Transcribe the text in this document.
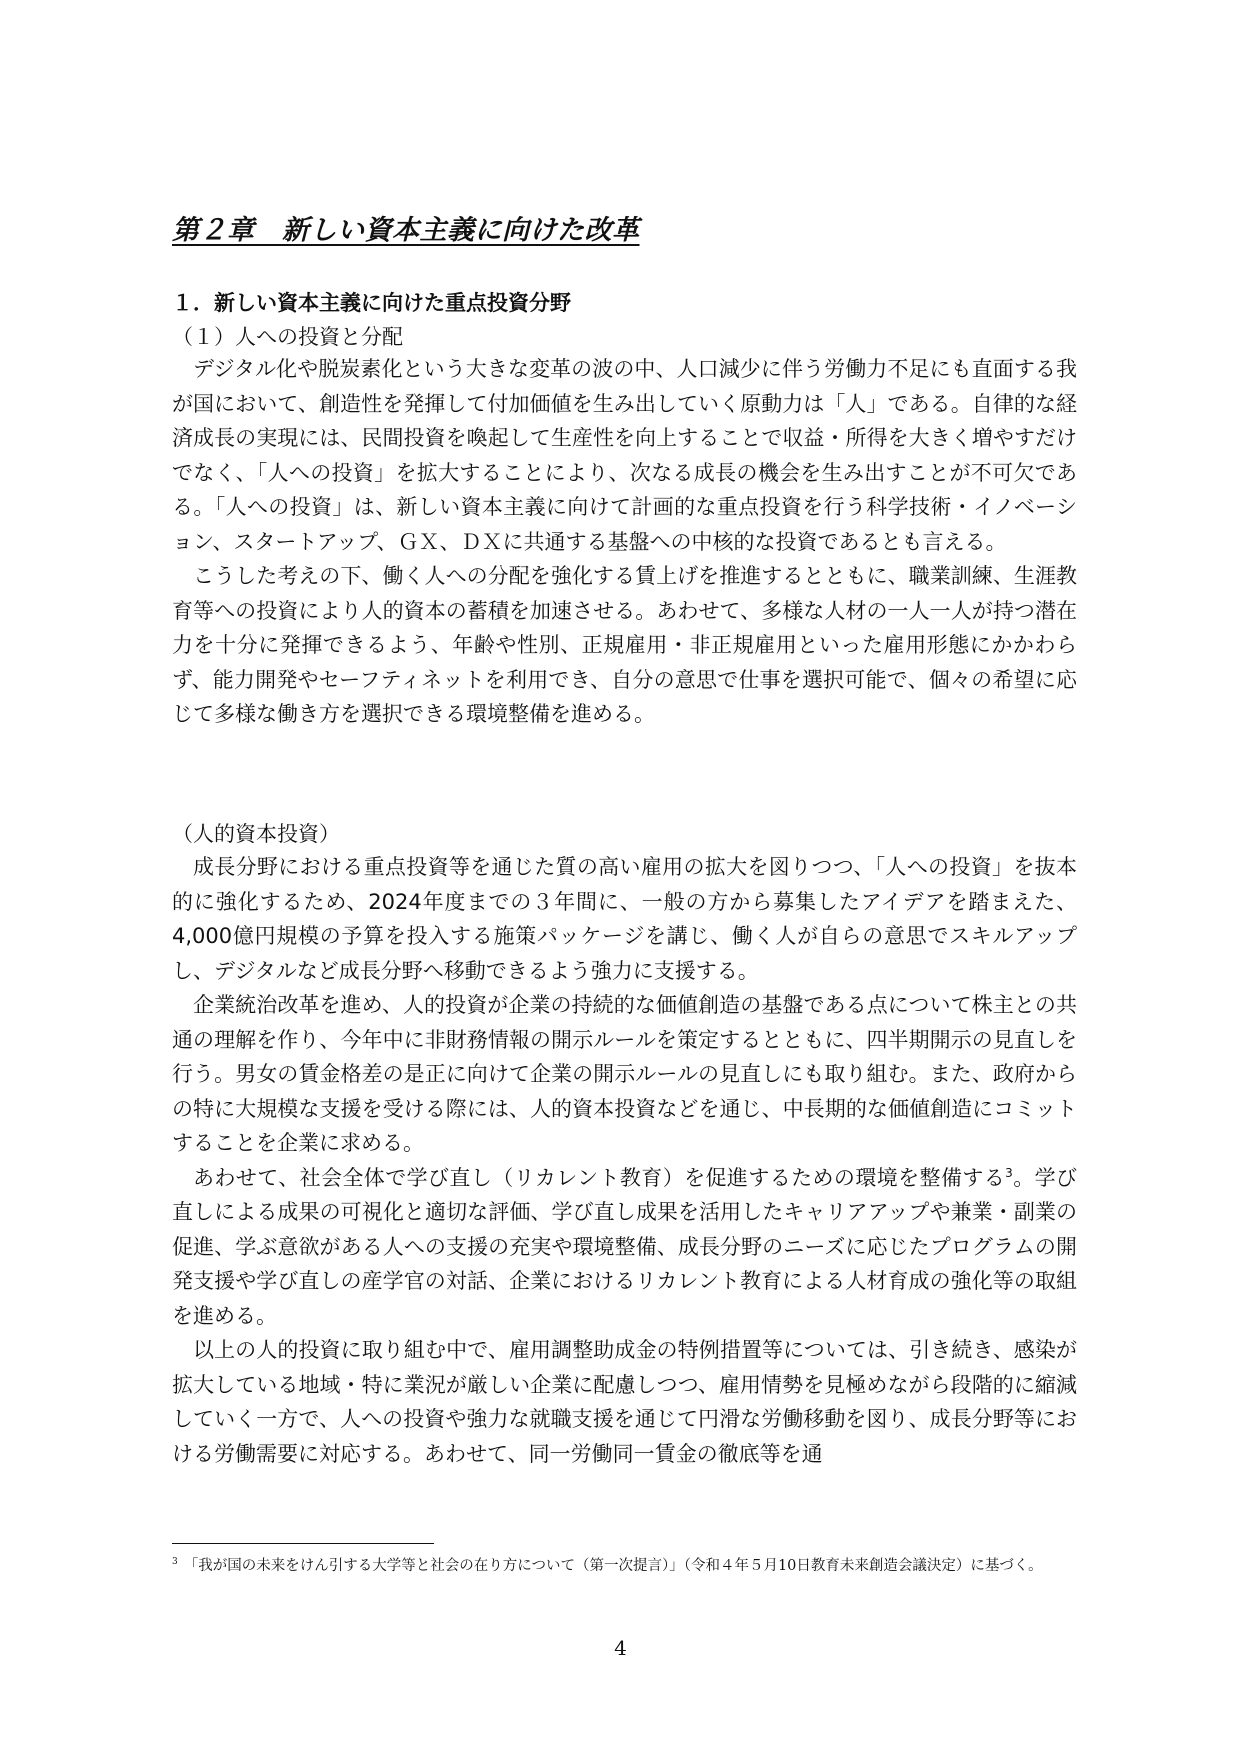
第２章　新しい資本主義に向けた改革
１．新しい資本主義に向けた重点投資分野
（１）人への投資と分配

デジタル化や脱炭素化という大きな変革の波の中、人口減少に伴う労働力不足にも直面する我が国において、創造性を発揮して付加価値を生み出していく原動力は「人」である。自律的な経済成長の実現には、民間投資を喚起して生産性を向上することで収益・所得を大きく増やすだけでなく、「人への投資」を拡大することにより、次なる成長の機会を生み出すことが不可欠である。「人への投資」は、新しい資本主義に向けて計画的な重点投資を行う科学技術・イノベーション、スタートアップ、ＧＸ、ＤＸに共通する基盤への中核的な投資であるとも言える。

こうした考えの下、働く人への分配を強化する賃上げを推進するとともに、職業訓練、生涯教育等への投資により人的資本の蓄積を加速させる。あわせて、多様な人材の一人一人が持つ潜在力を十分に発揮できるよう、年齢や性別、正規雇用・非正規雇用といった雇用形態にかかわらず、能力開発やセーフティネットを利用でき、自分の意思で仕事を選択可能で、個々の希望に応じて多様な働き方を選択できる環境整備を進める。

（人的資本投資）

成長分野における重点投資等を通じた質の高い雇用の拡大を図りつつ、「人への投資」を抜本的に強化するため、2024年度までの３年間に、一般の方から募集したアイデアを踏まえた、4,000億円規模の予算を投入する施策パッケージを講じ、働く人が自らの意思でスキルアップし、デジタルなど成長分野へ移動できるよう強力に支援する。

企業統治改革を進め、人的投資が企業の持続的な価値創造の基盤である点について株主との共通の理解を作り、今年中に非財務情報の開示ルールを策定するとともに、四半期開示の見直しを行う。男女の賃金格差の是正に向けて企業の開示ルールの見直しにも取り組む。また、政府からの特に大規模な支援を受ける際には、人的資本投資などを通じ、中長期的な価値創造にコミットすることを企業に求める。

あわせて、社会全体で学び直し（リカレント教育）を促進するための環境を整備する$^3$。学び直しによる成果の可視化と適切な評価、学び直し成果を活用したキャリアアップや兼業・副業の促進、学ぶ意欲がある人への支援の充実や環境整備、成長分野のニーズに応じたプログラムの開発支援や学び直しの産学官の対話、企業におけるリカレント教育による人材育成の強化等の取組を進める。

以上の人的投資に取り組む中で、雇用調整助成金の特例措置等については、引き続き、感染が拡大している地域・特に業況が厳しい企業に配慮しつつ、雇用情勢を見極めながら段階的に縮減していく一方で、人への投資や強力な就職支援を通じて円滑な労働移動を図り、成長分野等における労働需要に対応する。あわせて、同一労働同一賃金の徹底等を通

$^3$ 「我が国の未来をけん引する大学等と社会の在り方について（第一次提言）」（令和４年５月10日教育未来創造会議決定）に基づく。

4
